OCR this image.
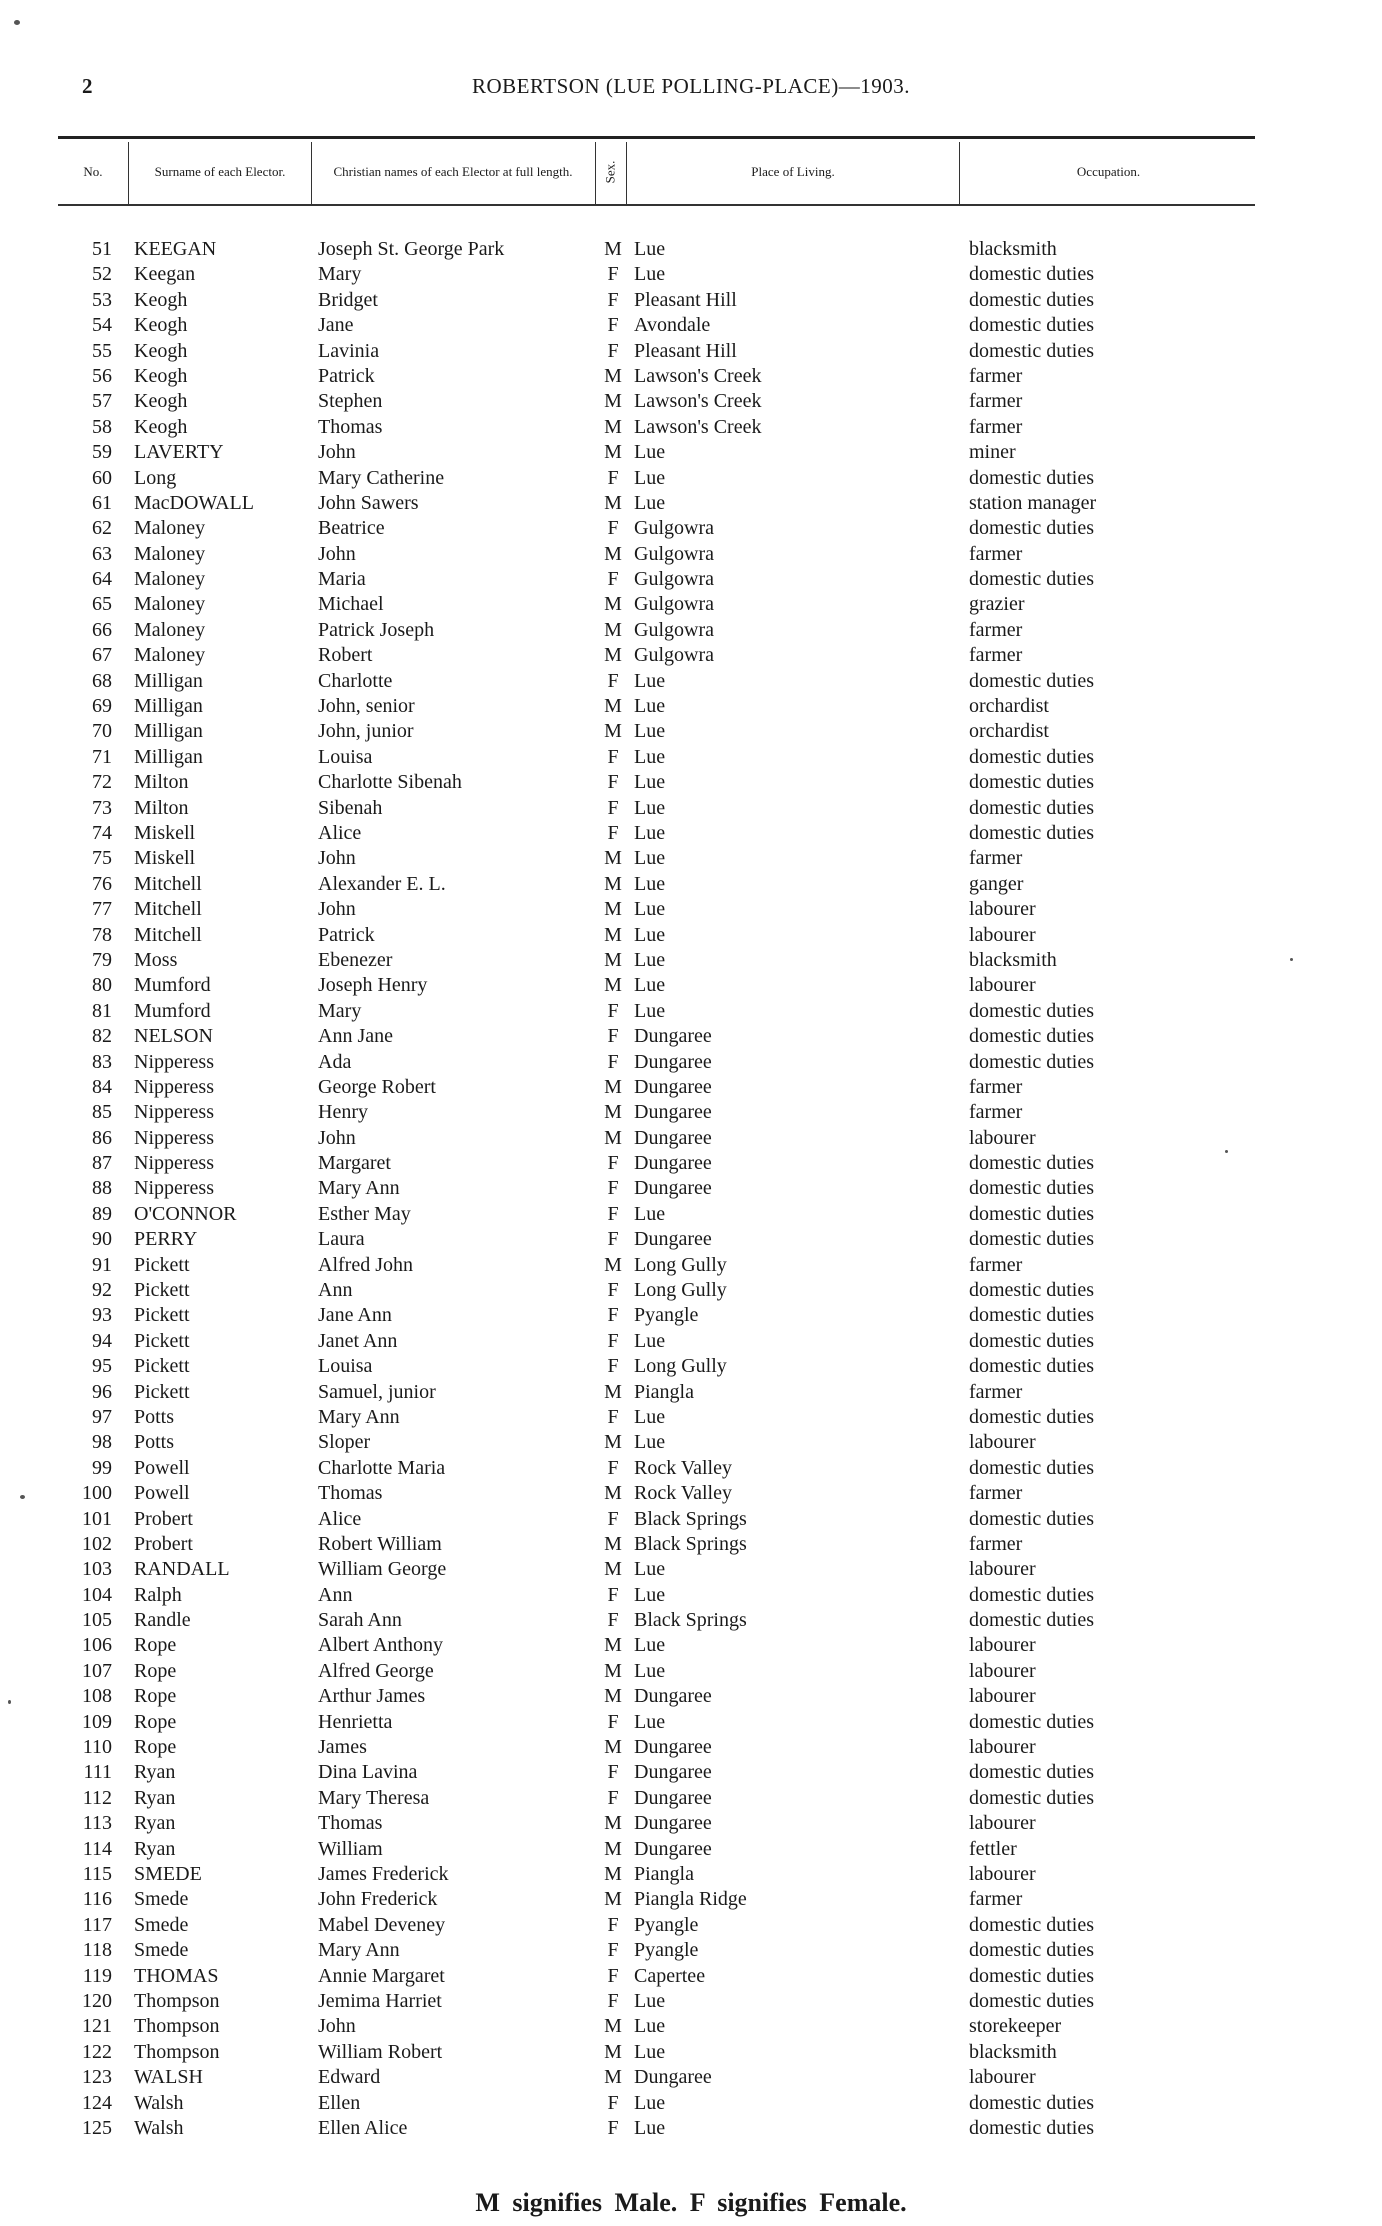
2	ROBERTSON (LUE POLLING-PLACE)—1903.
No.	Surname of each Elector.	Christian names of each Elector at full length.	Sex.	Place of Living.	Occupation.
51 KEEGAN	Joseph St. George Park	M Lue	blacksmith
52 Keegan	Mary	F Lue	domestic duties
53 Keogh	Bridget	F Pleasant Hill	domestic duties
54 Keogh	Jane	F Avondale	domestic duties
55 Keogh	Lavinia	F Pleasant Hill	domestic duties
56 Keogh	Patrick	M Lawson's Creek	farmer
57 Keogh	Stephen	M Lawson's Creek	farmer
58 Keogh	Thomas	M Lawson's Creek	farmer
59 LAVERTY	John	M Lue	miner
60 Long	Mary Catherine	F Lue	domestic duties
61 MacDOWALL	John Sawers	M Lue	station manager
62 Maloney	Beatrice	F Gulgowra	domestic duties
63 Maloney	John	M Gulgowra	farmer
64 Maloney	Maria	F Gulgowra	domestic duties
65 Maloney	Michael	M Gulgowra	grazier
66 Maloney	Patrick Joseph	M Gulgowra	farmer
67 Maloney	Robert	M Gulgowra	farmer
68 Milligan	Charlotte	F Lue	domestic duties
69 Milligan	John, senior	M Lue	orchardist
70 Milligan	John, junior	M Lue	orchardist
71 Milligan	Louisa	F Lue	domestic duties
72 Milton	Charlotte Sibenah	F Lue	domestic duties
73 Milton	Sibenah	F Lue	domestic duties
74 Miskell	Alice	F Lue	domestic duties
75 Miskell	John	M Lue	farmer
76 Mitchell	Alexander E. L.	M Lue	ganger
77 Mitchell	John	M Lue	labourer
78 Mitchell	Patrick	M Lue	labourer
79 Moss	Ebenezer	M Lue	blacksmith
80 Mumford	Joseph Henry	M Lue	labourer
81 Mumford	Mary	F Lue	domestic duties
82 NELSON	Ann Jane	F Dungaree	domestic duties
83 Nipperess	Ada	F Dungaree	domestic duties
84 Nipperess	George Robert	M Dungaree	farmer
85 Nipperess	Henry	M Dungaree	farmer
86 Nipperess	John	M Dungaree	labourer
87 Nipperess	Margaret	F Dungaree	domestic duties
88 Nipperess	Mary Ann	F Dungaree	domestic duties
89 O'CONNOR	Esther May	F Lue	domestic duties
90 PERRY	Laura	F Dungaree	domestic duties
91 Pickett	Alfred John	M Long Gully	farmer
92 Pickett	Ann	F Long Gully	domestic duties
93 Pickett	Jane Ann	F Pyangle	domestic duties
94 Pickett	Janet Ann	F Lue	domestic duties
95 Pickett	Louisa	F Long Gully	domestic duties
96 Pickett	Samuel, junior	M Piangla	farmer
97 Potts	Mary Ann	F Lue	domestic duties
98 Potts	Sloper	M Lue	labourer
99 Powell	Charlotte Maria	F Rock Valley	domestic duties
100 Powell	Thomas	M Rock Valley	farmer
101 Probert	Alice	F Black Springs	domestic duties
102 Probert	Robert William	M Black Springs	farmer
103 RANDALL	William George	M Lue	labourer
104 Ralph	Ann	F Lue	domestic duties
105 Randle	Sarah Ann	F Black Springs	domestic duties
106 Rope	Albert Anthony	M Lue	labourer
107 Rope	Alfred George	M Lue	labourer
108 Rope	Arthur James	M Dungaree	labourer
109 Rope	Henrietta	F Lue	domestic duties
110 Rope	James	M Dungaree	labourer
111 Ryan	Dina Lavina	F Dungaree	domestic duties
112 Ryan	Mary Theresa	F Dungaree	domestic duties
113 Ryan	Thomas	M Dungaree	labourer
114 Ryan	William	M Dungaree	fettler
115 SMEDE	James Frederick	M Piangla	labourer
116 Smede	John Frederick	M Piangla Ridge	farmer
117 Smede	Mabel Deveney	F Pyangle	domestic duties
118 Smede	Mary Ann	F Pyangle	domestic duties
119 THOMAS	Annie Margaret	F Capertee	domestic duties
120 Thompson	Jemima Harriet	F Lue	domestic duties
121 Thompson	John	M Lue	storekeeper
122 Thompson	William Robert	M Lue	blacksmith
123 WALSH	Edward	M Dungaree	labourer
124 Walsh	Ellen	F Lue	domestic duties
125 Walsh	Ellen Alice	F Lue	domestic duties
M signifies Male. F signifies Female.
